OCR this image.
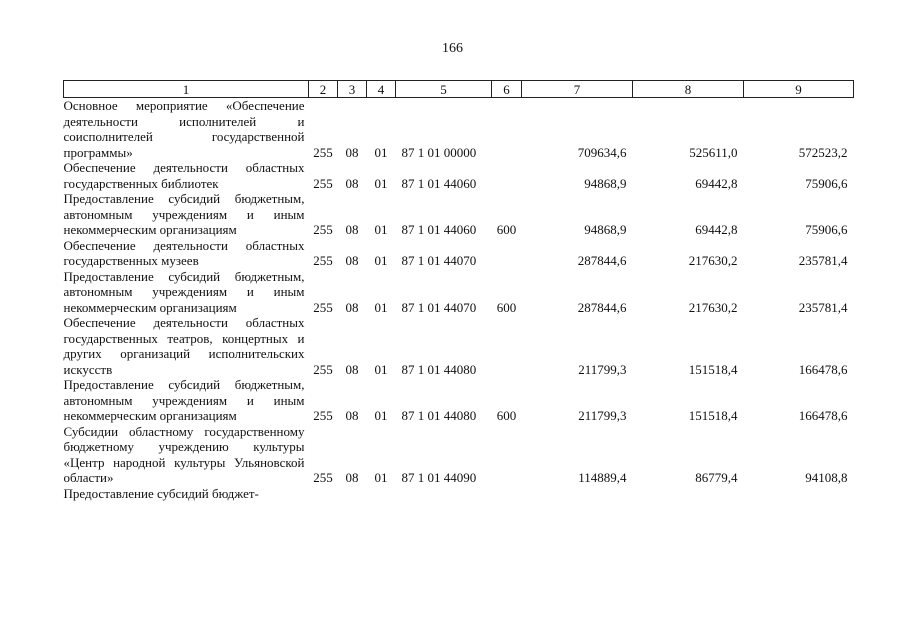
166
1	2	3	4	5	6	7	8	9
Основное мероприятие «Обеспечение деятельности исполнителей и соисполнителей государственной программы»	255	08	01	87 1 01 00000		709634,6	525611,0	572523,2
Обеспечение деятельности областных государственных библиотек	255	08	01	87 1 01 44060		94868,9	69442,8	75906,6
Предоставление субсидий бюджетным, автономным учреждениям и иным некоммерческим организациям	255	08	01	87 1 01 44060	600	94868,9	69442,8	75906,6
Обеспечение деятельности областных государственных музеев	255	08	01	87 1 01 44070		287844,6	217630,2	235781,4
Предоставление субсидий бюджетным, автономным учреждениям и иным некоммерческим организациям	255	08	01	87 1 01 44070	600	287844,6	217630,2	235781,4
Обеспечение деятельности областных государственных театров, концертных и других организаций исполнительских искусств	255	08	01	87 1 01 44080		211799,3	151518,4	166478,6
Предоставление субсидий бюджетным, автономным учреждениям и иным некоммерческим организациям	255	08	01	87 1 01 44080	600	211799,3	151518,4	166478,6
Субсидии областному государственному бюджетному учреждению культуры «Центр народной культуры Ульяновской области»	255	08	01	87 1 01 44090		114889,4	86779,4	94108,8
Предоставление субсидий бюджет-								
